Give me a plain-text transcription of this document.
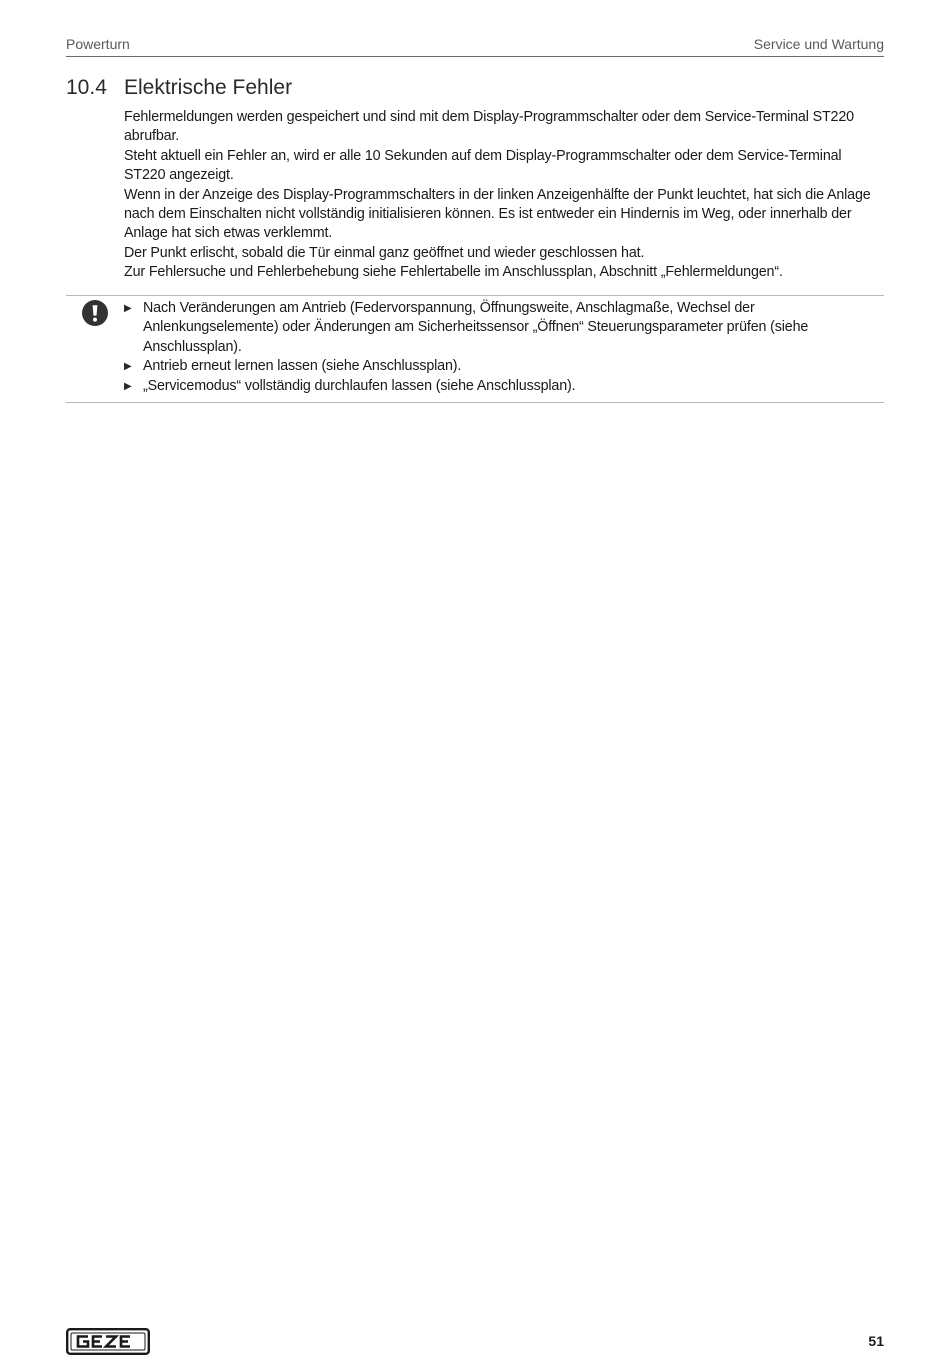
Powerturn	Service und Wartung
10.4 Elektrische Fehler

Fehlermeldungen werden gespeichert und sind mit dem Display-Programmschalter oder dem Service-Terminal ST220 abrufbar.

Steht aktuell ein Fehler an, wird er alle 10 Sekunden auf dem Display-Programmschalter oder dem Service-Terminal ST220 angezeigt.

Wenn in der Anzeige des Display-Programmschalters in der linken Anzeigenhälfte der Punkt leuchtet, hat sich die Anlage nach dem Einschalten nicht vollständig initialisieren können. Es ist entweder ein Hindernis im Weg, oder innerhalb der Anlage hat sich etwas verklemmt.

Der Punkt erlischt, sobald die Tür einmal ganz geöffnet und wieder geschlossen hat.

Zur Fehlersuche und Fehlerbehebung siehe Fehlertabelle im Anschlussplan, Abschnitt „Fehlermeldungen“.

▶ Nach Veränderungen am Antrieb (Federvorspannung, Öffnungsweite, Anschlagmaße, Wechsel der Anlenkungselemente) oder Änderungen am Sicherheitssensor „Öffnen“ Steuerungsparameter prüfen (siehe Anschlussplan).
▶ Antrieb erneut lernen lassen (siehe Anschlussplan).
▶ „Servicemodus“ vollständig durchlaufen lassen (siehe Anschlussplan).
51
